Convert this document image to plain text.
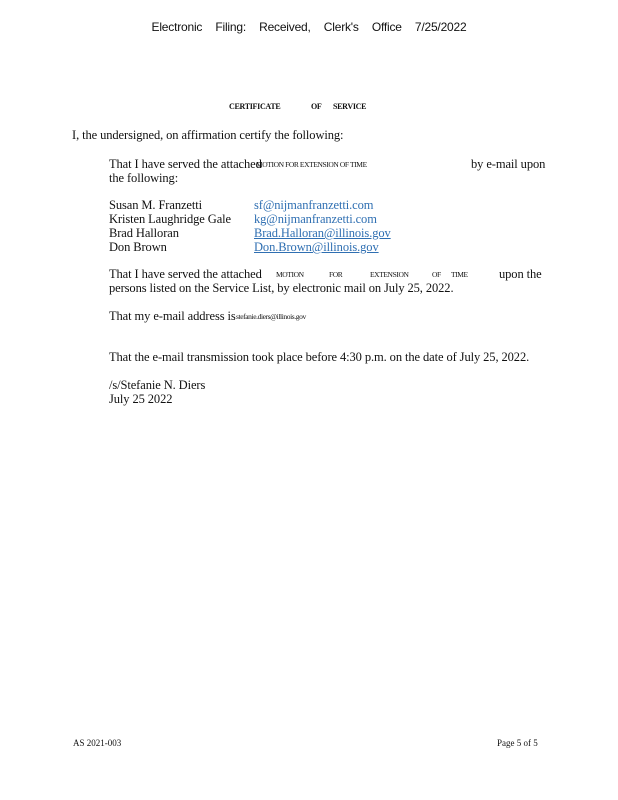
Electronic Filing: Received, Clerk's Office 7/25/2022
CERTIFICATE	OF SERVICE
I, the undersigned, on affirmation certify the following:
That I have served the attached
MOTION FOR EXTENSION OF TIME	by e-mail upon
the following:
Susan M. Franzetti	sf@nijmanfranzetti.com
Kristen Laughridge Gale kg@nijmanfranzetti.com
Brad Halloran	Brad.Halloran@illinois.gov
Don Brown	Don.Brown@illinois.gov
That I have served the attached MOTION	FOR	EXTENSION	OF TIME	upon the
persons listed on the Service List, by electronic mail on July 25, 2022.
That my e-mail address is stefanie.diers@illinois.gov
That the e-mail transmission took place before 4:30 p.m. on the date of July 25, 2022.
/s/Stefanie N. Diers
July 25 2022
AS 2021-003	Page 5 of 5
